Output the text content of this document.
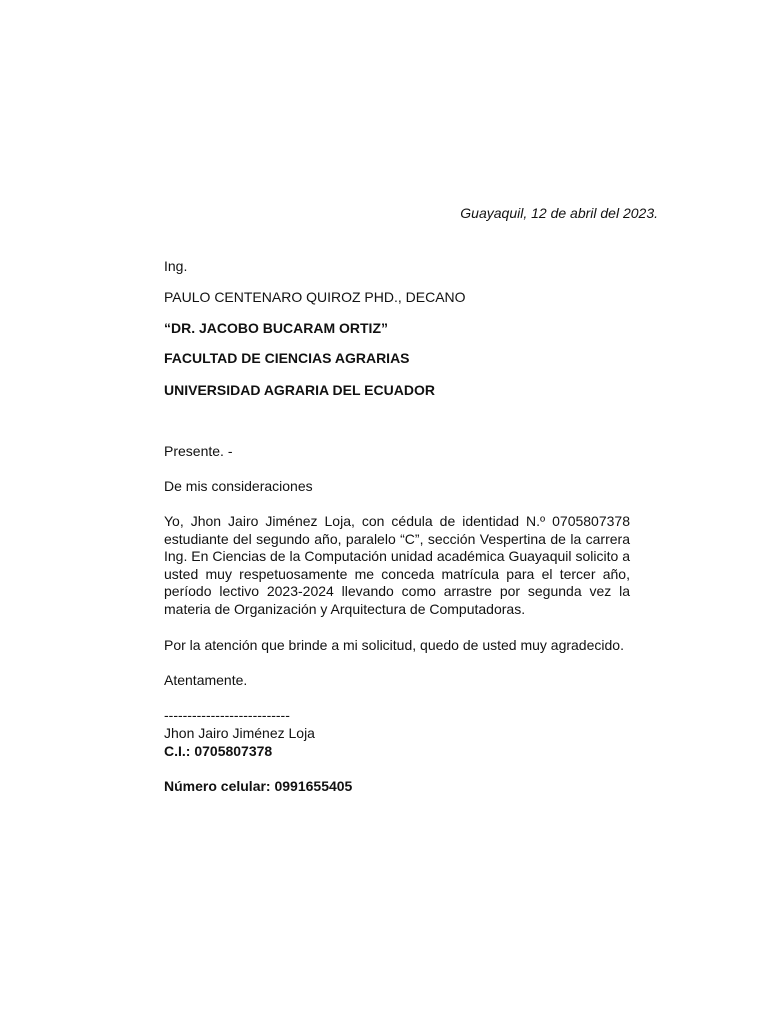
Guayaquil, 12 de abril del 2023.
Ing.
PAULO CENTENARO QUIROZ PHD., DECANO
“DR. JACOBO BUCARAM ORTIZ”
FACULTAD DE CIENCIAS AGRARIAS
UNIVERSIDAD AGRARIA DEL ECUADOR
Presente. -
De mis consideraciones
Yo, Jhon Jairo Jiménez Loja, con cédula de identidad N.º 0705807378 estudiante del segundo año, paralelo “C”, sección Vespertina de la carrera Ing. En Ciencias de la Computación unidad académica Guayaquil solicito a usted muy respetuosamente me conceda matrícula para el tercer año, período lectivo 2023-2024 llevando como arrastre por segunda vez la materia de Organización y Arquitectura de Computadoras.
Por la atención que brinde a mi solicitud, quedo de usted muy agradecido.
Atentamente.
---------------------------
Jhon Jairo Jiménez Loja
C.I.: 0705807378
Número celular: 0991655405
